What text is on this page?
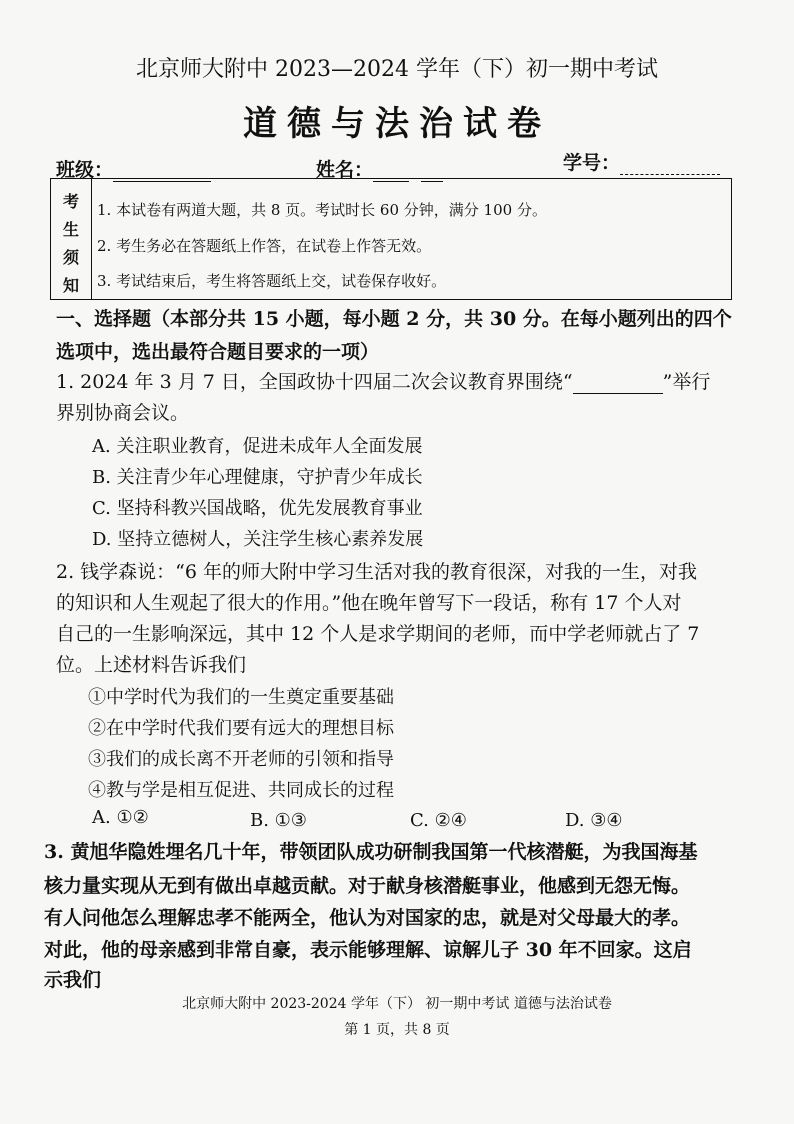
北京师大附中 2023—2024 学年（下）初一期中考试
道德与法治试卷
班级：	姓名：	学号：
考
生
须
知
1. 本试卷有两道大题，共 8 页。考试时长 60 分钟，满分 100 分。
2. 考生务必在答题纸上作答，在试卷上作答无效。
3. 考试结束后，考生将答题纸上交，试卷保存收好。
一、选择题（本部分共 15 小题，每小题 2 分，共 30 分。在每小题列出的四个
选项中，选出最符合题目要求的一项）
1. 2024 年 3 月 7 日，全国政协十四届二次会议教育界围绕“	”举行
界别协商会议。
A. 关注职业教育，促进未成年人全面发展
B. 关注青少年心理健康，守护青少年成长
C. 坚持科教兴国战略，优先发展教育事业
D. 坚持立德树人，关注学生核心素养发展
2. 钱学森说：“6 年的师大附中学习生活对我的教育很深，对我的一生，对我
的知识和人生观起了很大的作用。”他在晚年曾写下一段话，称有 17 个人对
自己的一生影响深远，其中 12 个人是求学期间的老师，而中学老师就占了 7
位。上述材料告诉我们
①中学时代为我们的一生奠定重要基础
②在中学时代我们要有远大的理想目标
③我们的成长离不开老师的引领和指导
④教与学是相互促进、共同成长的过程
A. ①②	B. ①③	C. ②④	D. ③④
3. 黄旭华隐姓埋名几十年，带领团队成功研制我国第一代核潜艇，为我国海基
核力量实现从无到有做出卓越贡献。对于献身核潜艇事业，他感到无怨无悔。
有人问他怎么理解忠孝不能两全，他认为对国家的忠，就是对父母最大的孝。
对此，他的母亲感到非常自豪，表示能够理解、谅解儿子 30 年不回家。这启
示我们
北京师大附中 2023-2024 学年（下） 初一期中考试 道德与法治试卷
第 1 页，共 8 页
